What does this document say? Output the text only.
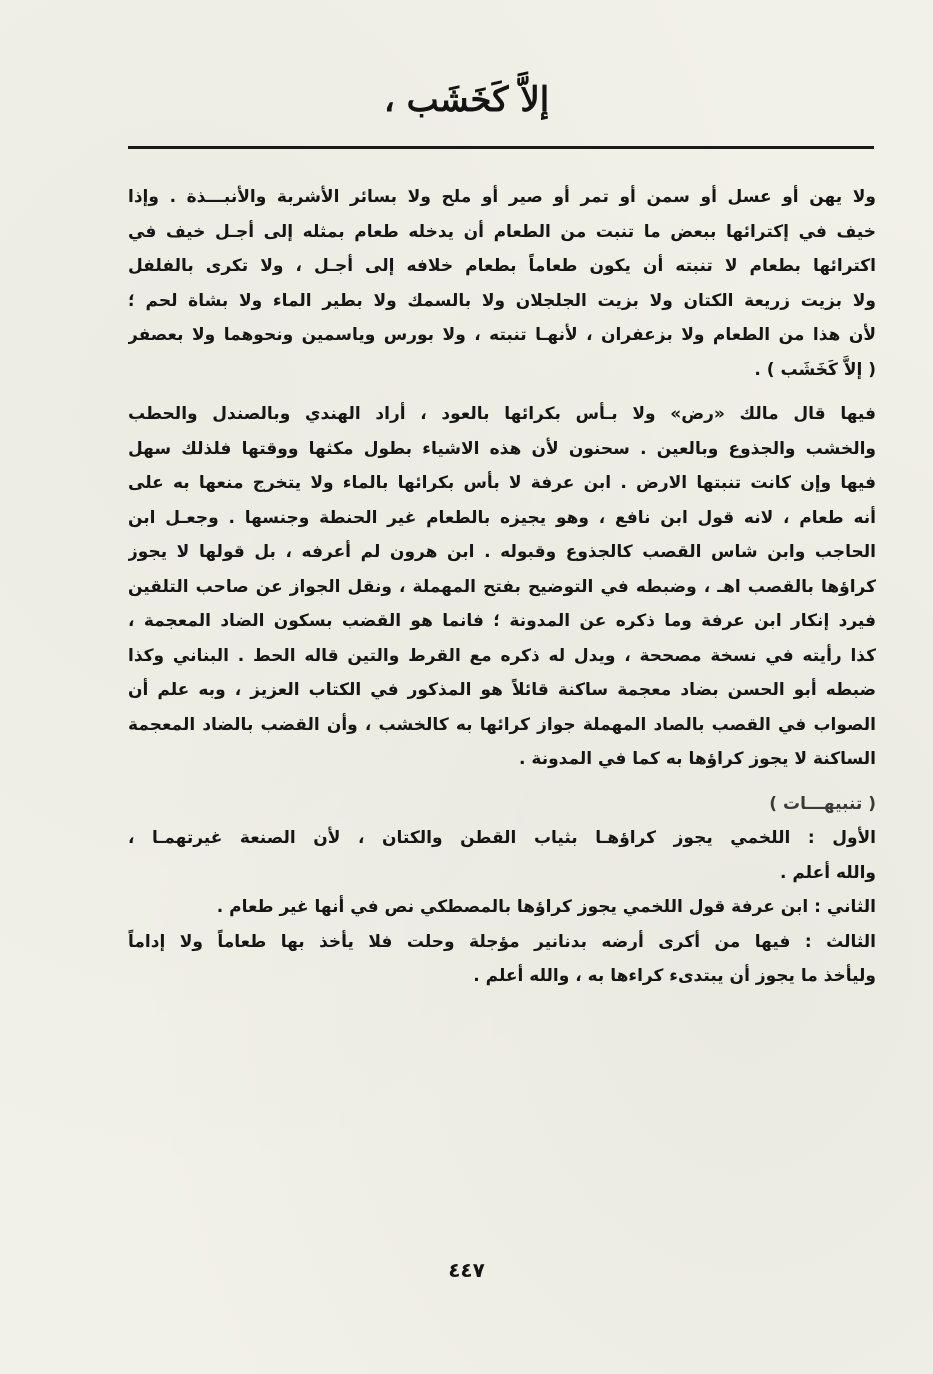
إلاَّ كَخَشَب ،
ولا يهن أو عسل أو سمن أو تمر أو صير أو ملح ولا بسائر الأشربة والأنبـــذة . وإذا
خيف في إكترائها ببعض ما تنبت من الطعام أن يدخله طعام بمثله إلى أجـل خيف في
اكترائها بطعام لا تنبته أن يكون طعاماً بطعام خلافه إلى أجـل ، ولا تكرى بالفلفل
ولا بزيت زريعة الكتان ولا بزيت الجلجلان ولا بالسمك ولا بطير الماء ولا بشاة لحم ؛
لأن هذا من الطعام ولا بزعفران ، لأنهـا تنبته ، ولا بورس وياسمين ونحوهما ولا بعصفر
( إلاَّ كَخَشَب ) .
فيها قال مالك «رض» ولا بـأس بكرائها بالعود ، أراد الهندي وبالصندل والحطب
والخشب والجذوع وبالعين . سحنون لأن هذه الاشياء بطول مكثها ووقتها فلذلك سهل
فيها وإن كانت تنبتها الارض . ابن عرفة لا بأس بكرائها بالماء ولا يتخرج منعها به على
أنه طعام ، لانه قول ابن نافع ، وهو يجيزه بالطعام غير الحنطة وجنسها . وجعـل ابن
الحاجب وابن شاس القصب كالجذوع وقبوله . ابن هرون لم أعرفه ، بل قولها لا يجوز
كراؤها بالقصب اهـ ، وضبطه في التوضيح بفتح المهملة ، ونقل الجواز عن صاحب التلقين
فيرد إنكار ابن عرفة وما ذكره عن المدونة ؛ فانما هو القضب بسكون الضاد المعجمة ،
كذا رأيته في نسخة مصححة ، ويدل له ذكره مع القرط والتين قاله الحط . البناني وكذا
ضبطه أبو الحسن بضاد معجمة ساكنة قائلاً هو المذكور في الكتاب العزيز ، وبه علم أن
الصواب في القصب بالصاد المهملة جواز كرائها به كالخشب ، وأن القضب بالضاد المعجمة
الساكنة لا يجوز كراؤها به كما في المدونة .
( تنبيهـــات )
الأول : اللخمي يجوز كراؤهـا بثياب القطن والكتان ، لأن الصنعة غيرتهمـا ،
والله أعلم .
الثاني : ابن عرفة قول اللخمي يجوز كراؤها بالمصطكي نص في أنها غير طعام .
الثالث : فيها من أكرى أرضه بدنانير مؤجلة وحلت فلا يأخذ بها طعاماً ولا إداماً
وليأخذ ما يجوز أن يبتدىء كراءها به ، والله أعلم .
٤٤٧
